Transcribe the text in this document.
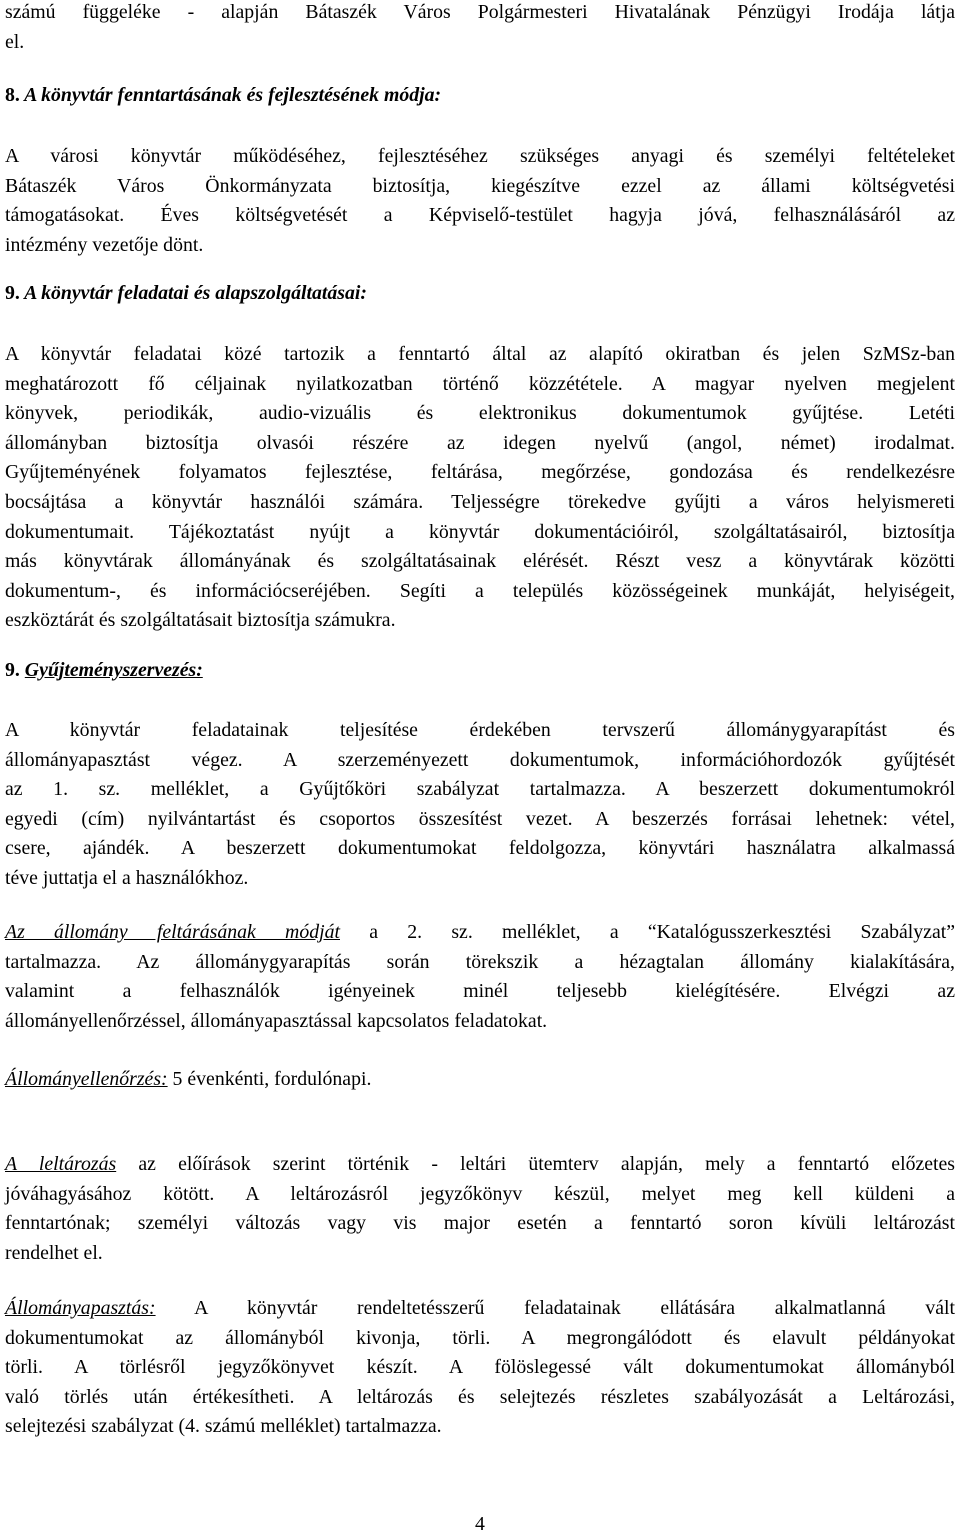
számú függeléke - alapján Bátaszék Város Polgármesteri Hivatalának Pénzügyi Irodája látja
el.
8. A könyvtár fenntartásának és fejlesztésének módja:
A városi könyvtár működéséhez, fejlesztéséhez szükséges anyagi és személyi feltételeket
Bátaszék Város Önkormányzata biztosítja, kiegészítve ezzel az állami költségvetési
támogatásokat. Éves költségvetését a Képviselő-testület hagyja jóvá, felhasználásáról az
intézmény vezetője dönt.
9. A könyvtár feladatai és alapszolgáltatásai:
A könyvtár feladatai közé tartozik a fenntartó által az alapító okiratban és jelen SzMSz-ban
meghatározott fő céljainak nyilatkozatban történő közzététele. A magyar nyelven megjelent
könyvek, periodikák, audio-vizuális és elektronikus dokumentumok gyűjtése. Letéti
állományban biztosítja olvasói részére az idegen nyelvű (angol, német) irodalmat.
Gyűjteményének folyamatos fejlesztése, feltárása, megőrzése, gondozása és rendelkezésre
bocsájtása a könyvtár használói számára. Teljességre törekedve gyűjti a város helyismereti
dokumentumait. Tájékoztatást nyújt a könyvtár dokumentációiról, szolgáltatásairól, biztosítja
más könyvtárak állományának és szolgáltatásainak elérését. Részt vesz a könyvtárak közötti
dokumentum-, és információcseréjében. Segíti a település közösségeinek munkáját, helyiségeit,
eszköztárát és szolgáltatásait biztosítja számukra.
9. Gyűjteményszervezés:
A könyvtár feladatainak teljesítése érdekében tervszerű állománygyarapítást és
állományapasztást végez. A szerzeményezett dokumentumok, információhordozók gyűjtését
az 1. sz. melléklet, a Gyűjtőköri szabályzat tartalmazza. A beszerzett dokumentumokról
egyedi (cím) nyilvántartást és csoportos összesítést vezet. A beszerzés forrásai lehetnek: vétel,
csere, ajándék. A beszerzett dokumentumokat feldolgozza, könyvtári használatra alkalmassá
téve juttatja el a használókhoz.
Az állomány feltárásának módját a 2. sz. melléklet, a “Katalógusszerkesztési Szabályzat”
tartalmazza. Az állománygyarapítás során törekszik a hézagtalan állomány kialakítására,
valamint a felhasználók igényeinek minél teljesebb kielégítésére. Elvégzi az
állományellenőrzéssel, állományapasztással kapcsolatos feladatokat.
Állományellenőrzés: 5 évenkénti, fordulónapi.
A leltározás az előírások szerint történik - leltári ütemterv alapján, mely a fenntartó előzetes
jóváhagyásához kötött. A leltározásról jegyzőkönyv készül, melyet meg kell küldeni a
fenntartónak; személyi változás vagy vis major esetén a fenntartó soron kívüli leltározást
rendelhet el.
Állományapasztás: A könyvtár rendeltetésszerű feladatainak ellátására alkalmatlanná vált
dokumentumokat az állományból kivonja, törli. A megrongálódott és elavult példányokat
törli. A törlésről jegyzőkönyvet készít. A fölöslegessé vált dokumentumokat állományból
való törlés után értékesítheti. A leltározás és selejtezés részletes szabályozását a Leltározási,
selejtezési szabályzat (4. számú melléklet) tartalmazza.
4
